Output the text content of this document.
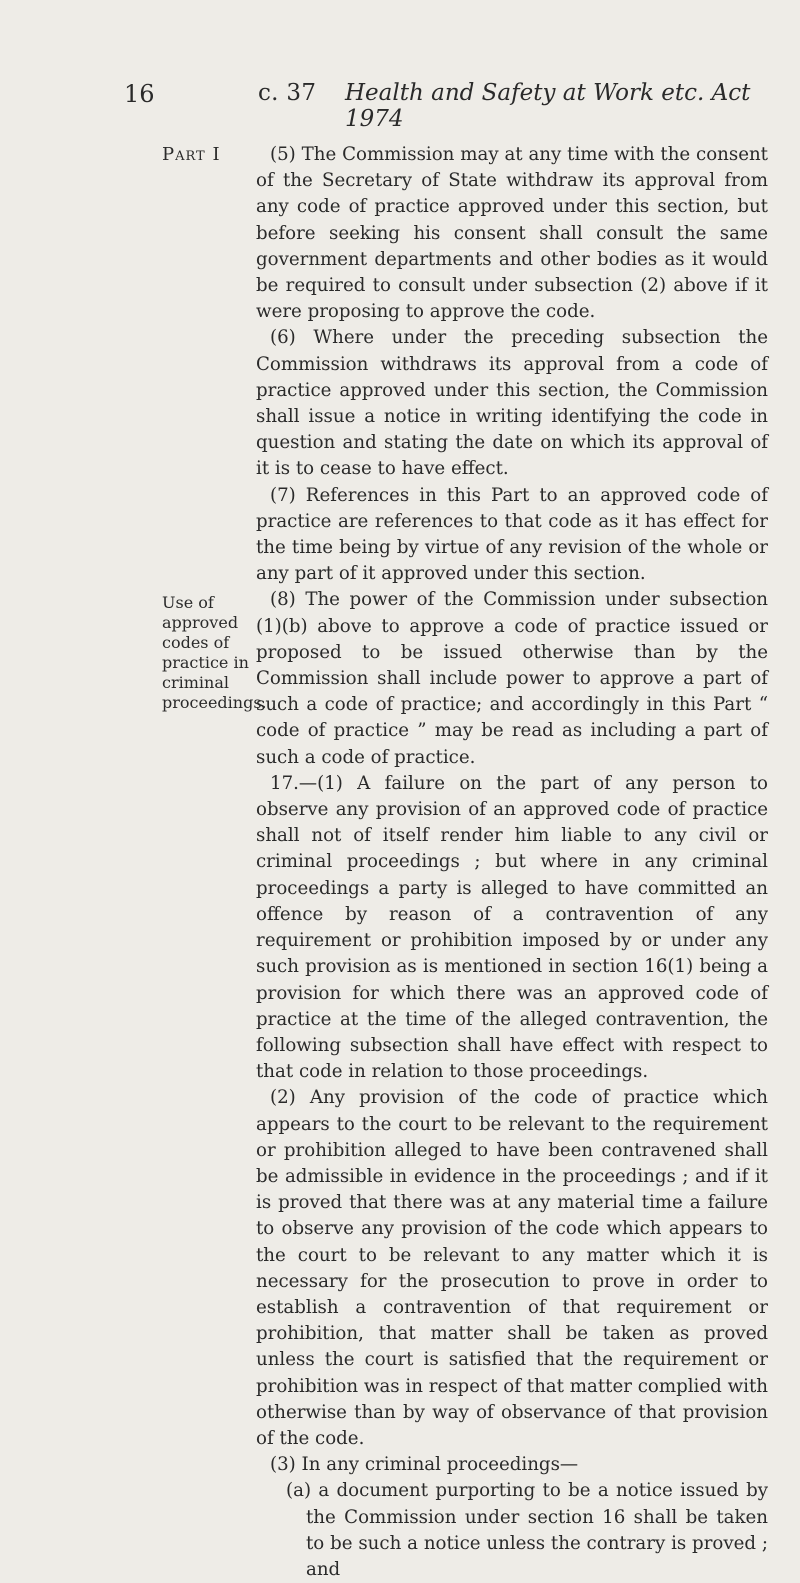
16	c. 37 Health and Safety at Work etc. Act 1974
Part I
Use of
approved
codes of
practice in
criminal
proceedings.

(5) The Commission may at any time with the consent of the Secretary of State withdraw its approval from any code of practice approved under this section, but before seeking his consent shall consult the same government departments and other bodies as it would be required to consult under subsection (2) above if it were proposing to approve the code.

(6) Where under the preceding subsection the Commission withdraws its approval from a code of practice approved under this section, the Commission shall issue a notice in writing identifying the code in question and stating the date on which its approval of it is to cease to have effect.

(7) References in this Part to an approved code of practice are references to that code as it has effect for the time being by virtue of any revision of the whole or any part of it approved under this section.

(8) The power of the Commission under subsection (1)(b) above to approve a code of practice issued or proposed to be issued otherwise than by the Commission shall include power to approve a part of such a code of practice; and accordingly in this Part “ code of practice ” may be read as including a part of such a code of practice.

17.—(1) A failure on the part of any person to observe any provision of an approved code of practice shall not of itself render him liable to any civil or criminal proceedings ; but where in any criminal proceedings a party is alleged to have committed an offence by reason of a contravention of any requirement or prohibition imposed by or under any such provision as is mentioned in section 16(1) being a provision for which there was an approved code of practice at the time of the alleged contravention, the following subsection shall have effect with respect to that code in relation to those proceedings.

(2) Any provision of the code of practice which appears to the court to be relevant to the requirement or prohibition alleged to have been contravened shall be admissible in evidence in the proceedings ; and if it is proved that there was at any material time a failure to observe any provision of the code which appears to the court to be relevant to any matter which it is necessary for the prosecution to prove in order to establish a contravention of that requirement or prohibition, that matter shall be taken as proved unless the court is satisfied that the requirement or prohibition was in respect of that matter complied with otherwise than by way of observance of that provision of the code.

(3) In any criminal proceedings—

(a) a document purporting to be a notice issued by the Commission under section 16 shall be taken to be such a notice unless the contrary is proved ; and
